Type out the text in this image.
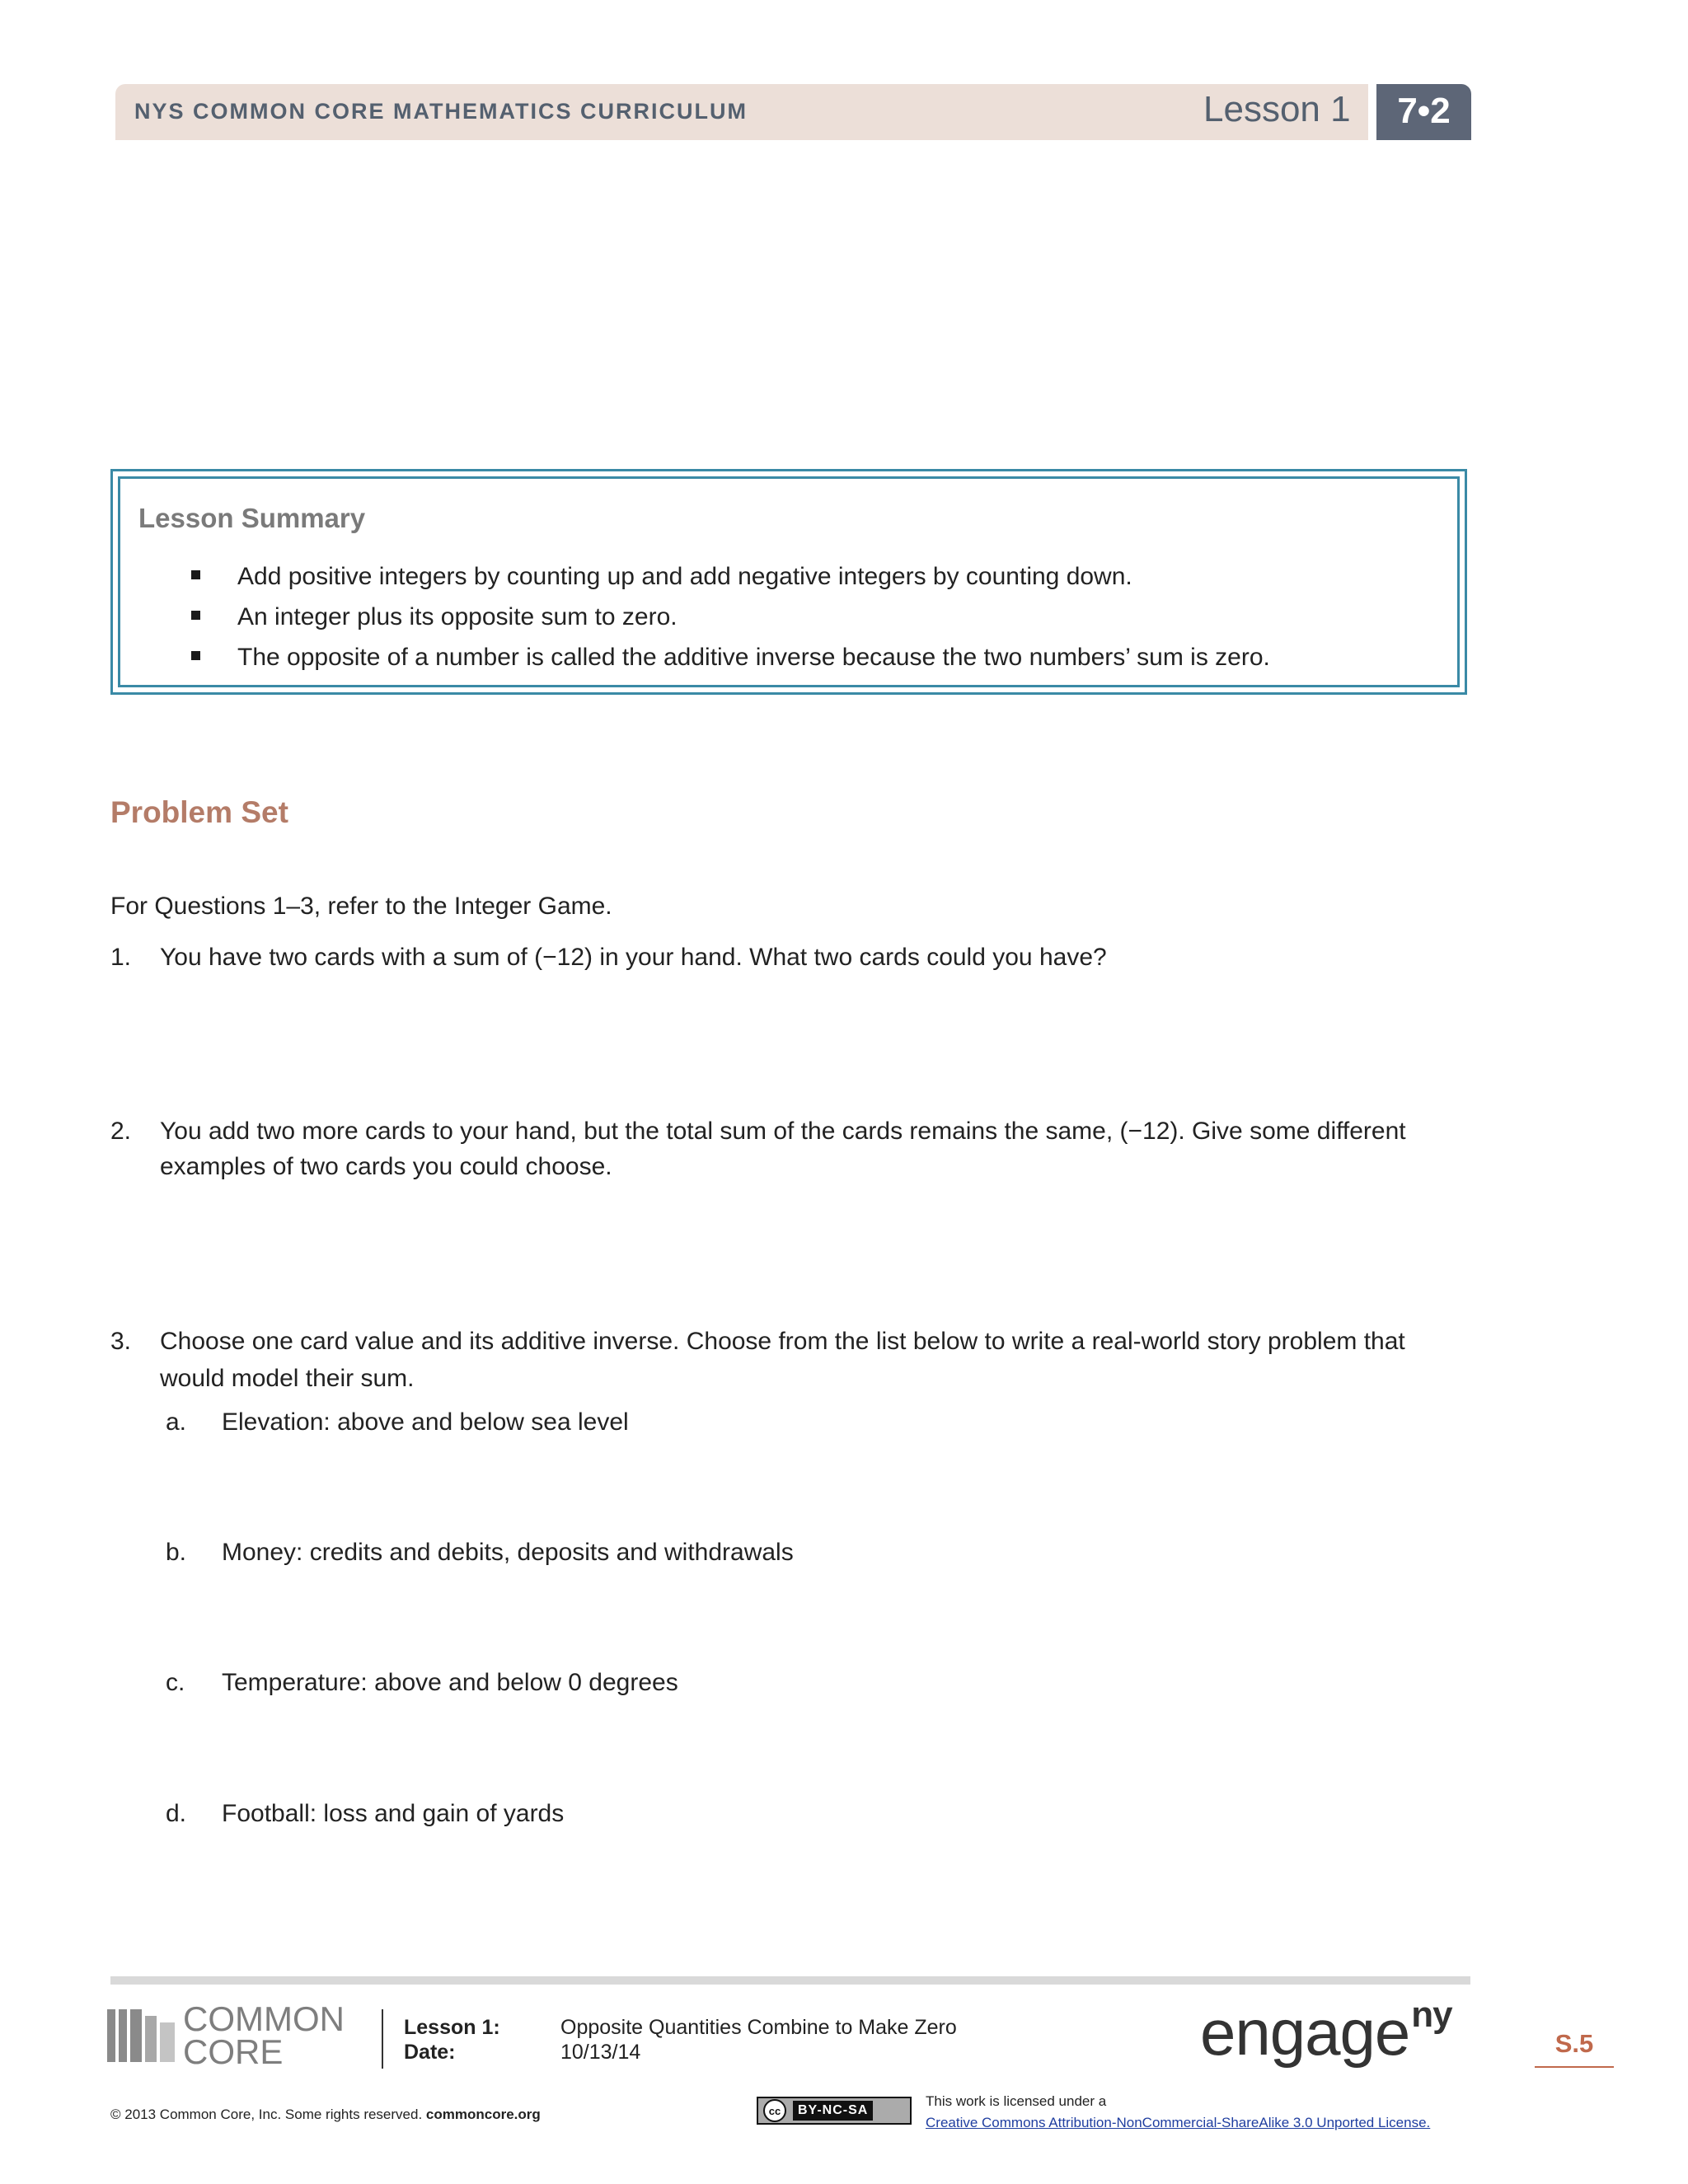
NYS COMMON CORE MATHEMATICS CURRICULUM	Lesson 1	7•2
Lesson Summary
Add positive integers by counting up and add negative integers by counting down.
An integer plus its opposite sum to zero.
The opposite of a number is called the additive inverse because the two numbers’ sum is zero.
Problem Set
For Questions 1–3, refer to the Integer Game.
1. You have two cards with a sum of (−12) in your hand. What two cards could you have?
2. You add two more cards to your hand, but the total sum of the cards remains the same, (−12). Give some different
examples of two cards you could choose.
3. Choose one card value and its additive inverse. Choose from the list below to write a real-world story problem that
would model their sum.
a. Elevation: above and below sea level
b. Money: credits and debits, deposits and withdrawals
c. Temperature: above and below 0 degrees
d. Football: loss and gain of yards
COMMON
CORE
Lesson 1:	Opposite Quantities Combine to Make Zero
Date:	10/13/14	engage$^{ny}$
S.5
© 2013 Common Core, Inc. Some rights reserved. commoncore.org	cc	BY-NC-SA
This work is licensed under a
Creative Commons Attribution-NonCommercial-ShareAlike 3.0 Unported License.
